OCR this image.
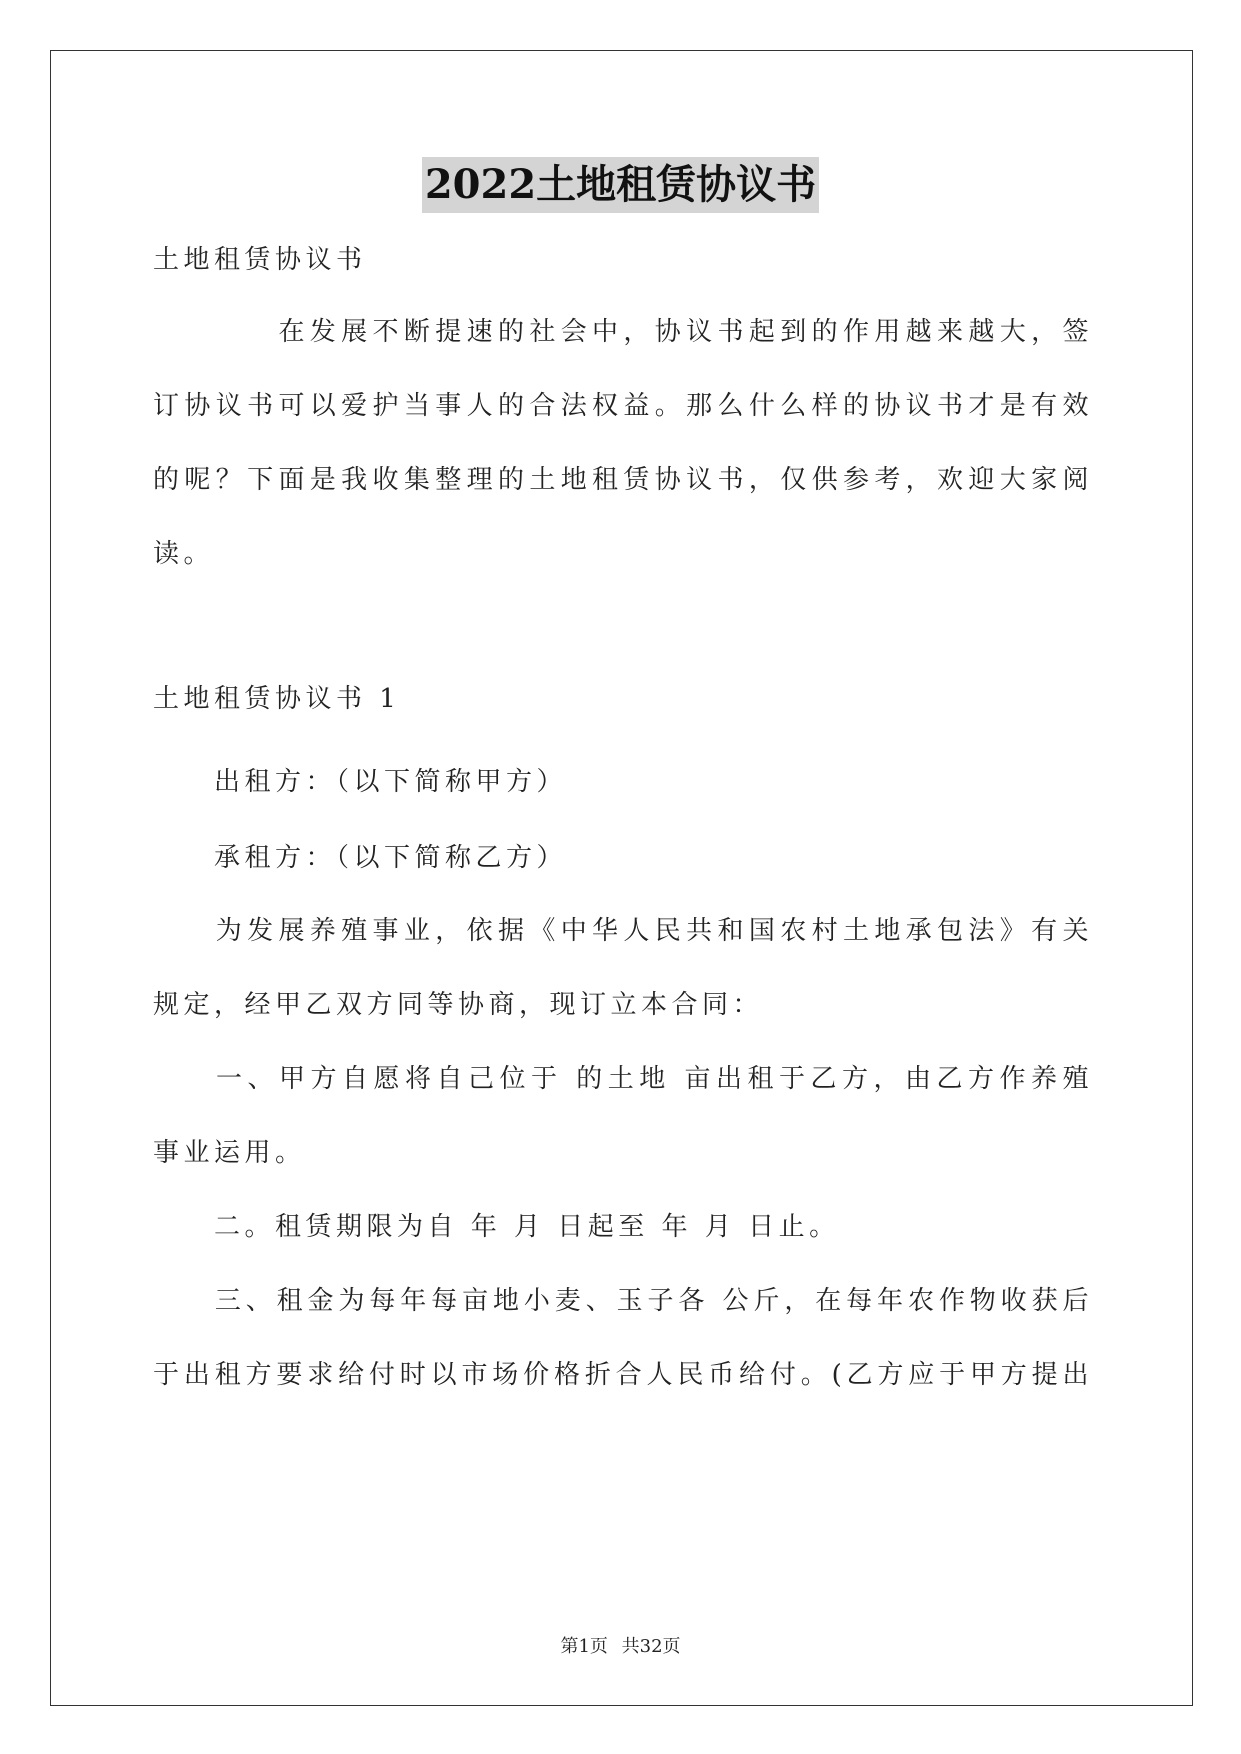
2022土地租赁协议书

土地租赁协议书

　　　　在发展不断提速的社会中，协议书起到的作用越来越大，签

订协议书可以爱护当事人的合法权益。那么什么样的协议书才是有效

的呢？下面是我收集整理的土地租赁协议书，仅供参考，欢迎大家阅

读。

土地租赁协议书 1

　　出租方：（以下简称甲方）

　　承租方：（以下简称乙方）

　　为发展养殖事业，依据《中华人民共和国农村土地承包法》有关

规定，经甲乙双方同等协商，现订立本合同：

　　一、甲方自愿将自己位于 的土地 亩出租于乙方，由乙方作养殖

事业运用。

　　二。租赁期限为自 年 月 日起至 年 月 日止。

　　三、租金为每年每亩地小麦、玉子各 公斤，在每年农作物收获后

于出租方要求给付时以市场价格折合人民币给付。(乙方应于甲方提出

第1页 共32页
